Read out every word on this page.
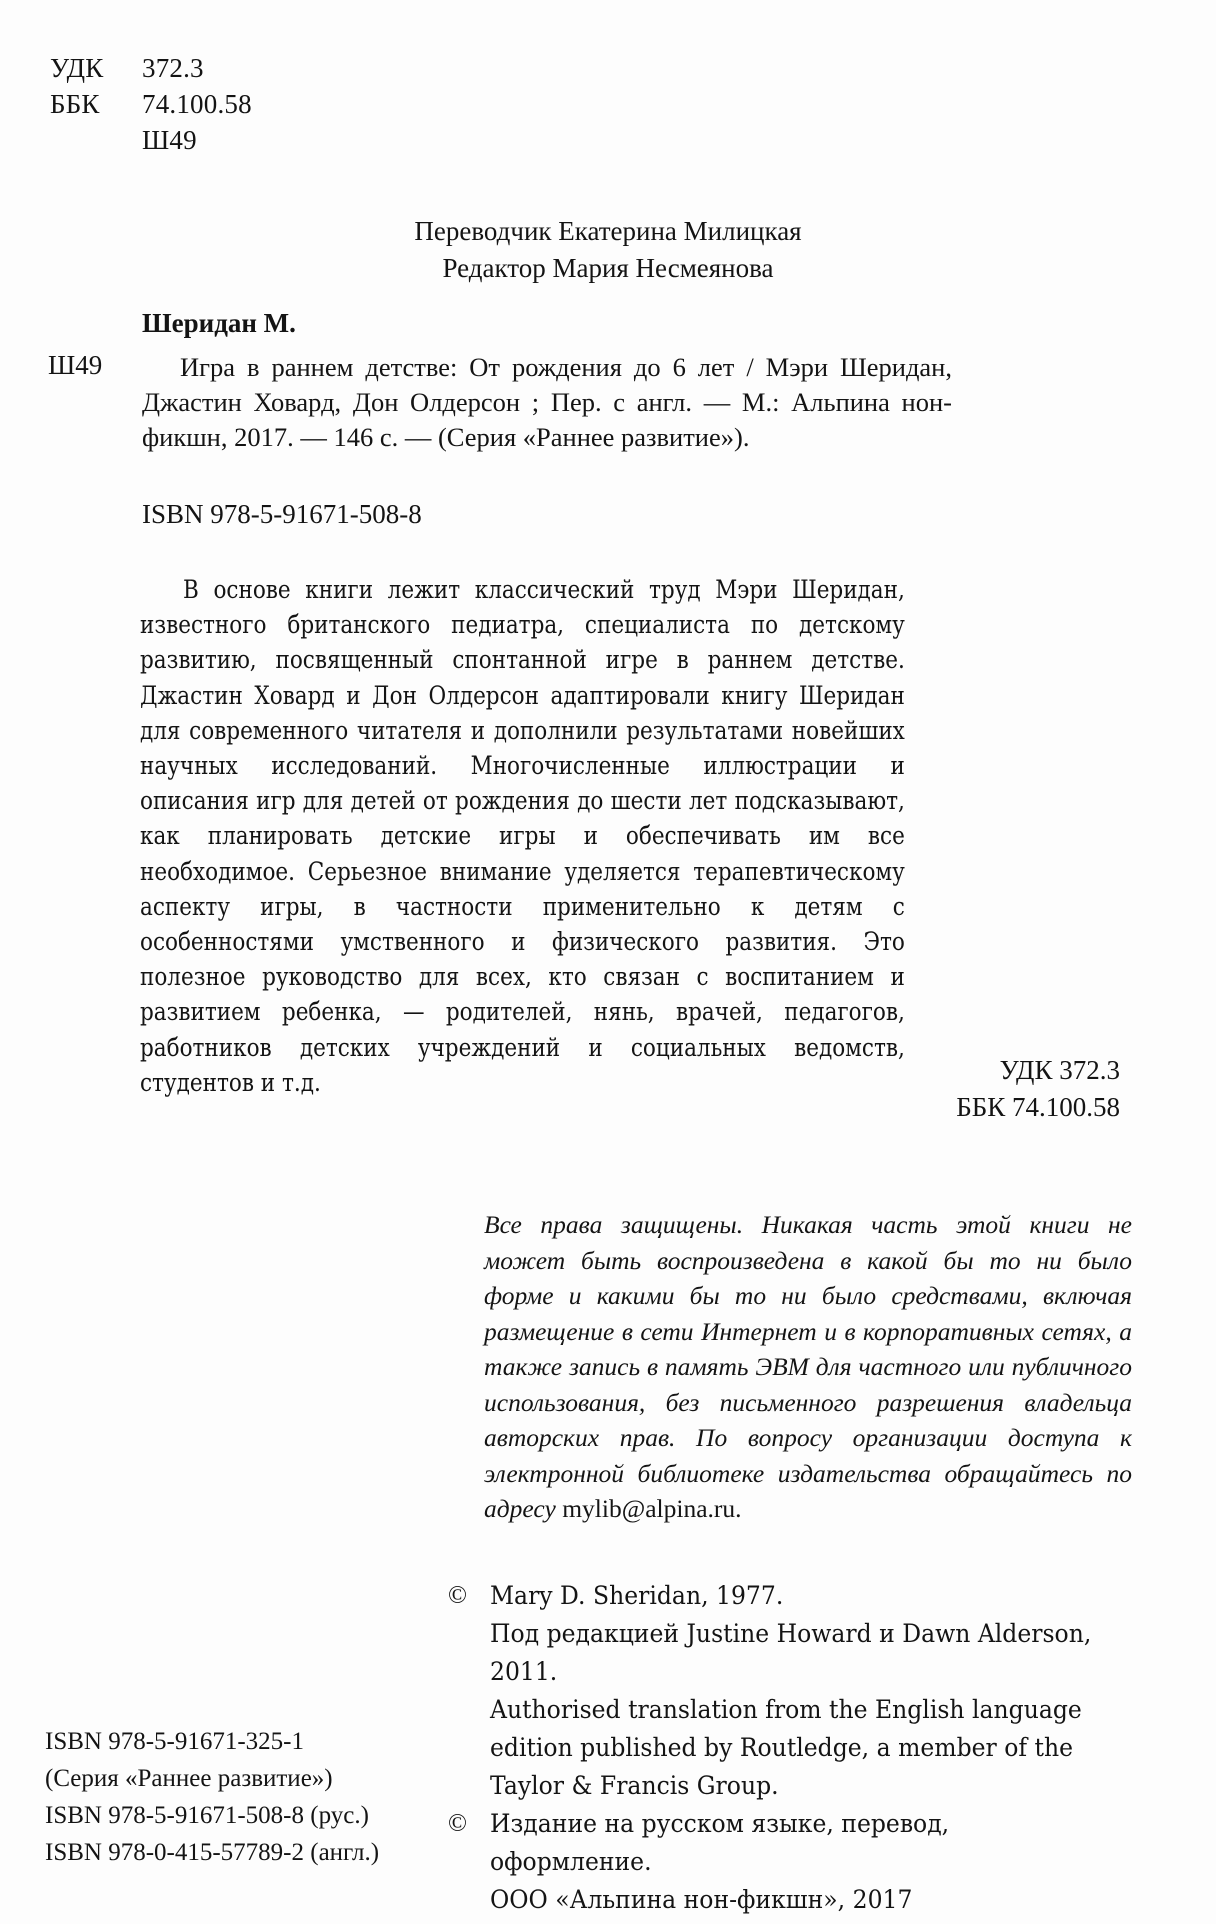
УДК 372.3
ББК 74.100.58
Ш49
Переводчик Екатерина Милицкая
Редактор Мария Несмеянова
Ш49
Шеридан М.
Игра в раннем детстве: От рождения до 6 лет / Мэри Шеридан, Джастин Ховард, Дон Олдерсон ; Пер. с англ. — М.: Альпина нон-фикшн, 2017. — 146 с. — (Серия «Раннее развитие»).
ISBN 978-5-91671-508-8
В основе книги лежит классический труд Мэри Шеридан, известного британского педиатра, специалиста по детскому развитию, посвященный спонтанной игре в раннем детстве. Джастин Ховард и Дон Олдерсон адаптировали книгу Шеридан для современного читателя и дополнили результатами новейших научных исследований. Многочисленные иллюстрации и описания игр для детей от рождения до шести лет подсказывают, как планировать детские игры и обеспечивать им все необходимое. Серьезное внимание уделяется терапевтическому аспекту игры, в частности применительно к детям с особенностями умственного и физического развития. Это полезное руководство для всех, кто связан с воспитанием и развитием ребенка, — родителей, нянь, врачей, педагогов, работников детских учреждений и социальных ведомств, студентов и т.д.	УДК 372.3
ББК 74.100.58
Все права защищены. Никакая часть этой книги не может быть воспроизведена в какой бы то ни было форме и какими бы то ни было средствами, включая размещение в сети Интернет и в корпоративных сетях, а также запись в память ЭВМ для частного или публичного использования, без письменного разрешения владельца авторских прав. По вопросу организации доступа к электронной библиотеке издательства обращайтесь по адресу mylib@alpina.ru.
© Mary D. Sheridan, 1977.
Под редакцией Justine Howard и Dawn Alderson, 2011.
Authorised translation from the English language edition published by Routledge, a member of the Taylor & Francis Group.
© Издание на русском языке, перевод, оформление.
ООО «Альпина нон-фикшн», 2017
ISBN 978-5-91671-325-1
(Серия «Раннее развитие»)
ISBN 978-5-91671-508-8 (рус.)
ISBN 978-0-415-57789-2 (англ.)
